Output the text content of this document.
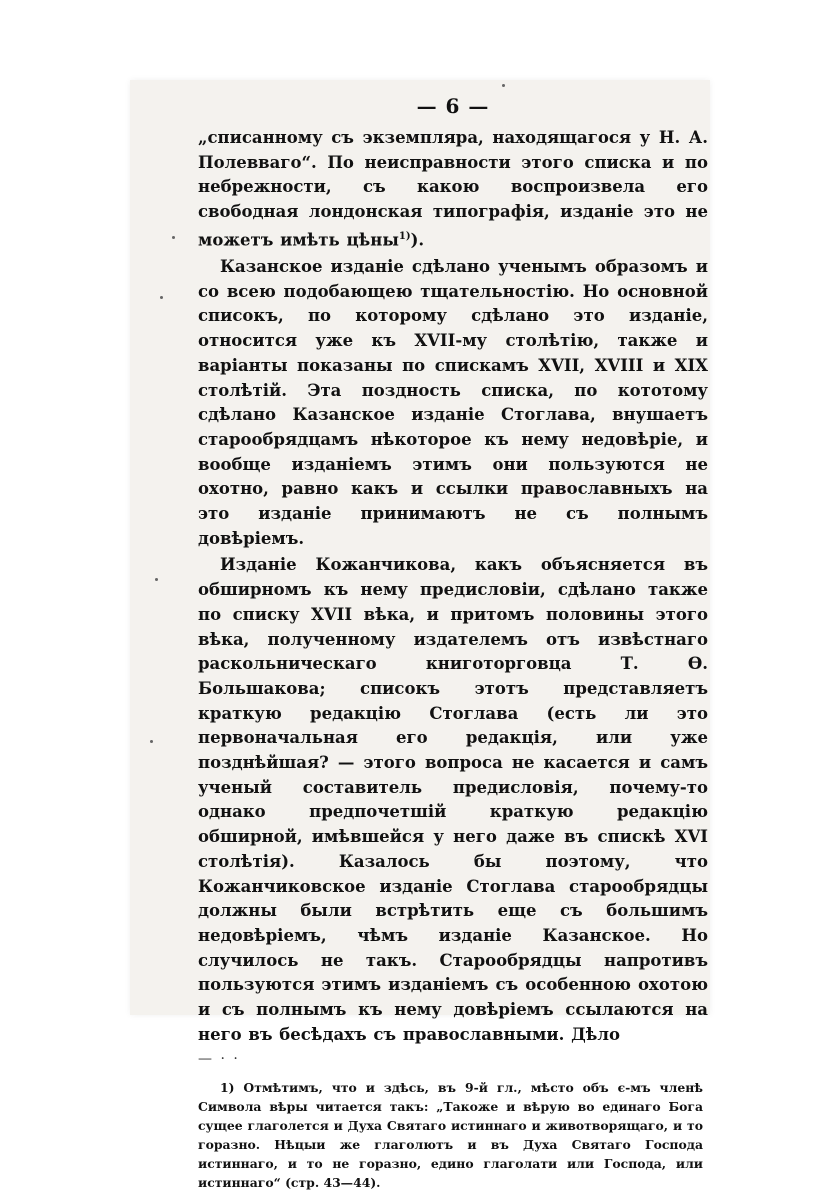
— 6 —

„списанному съ экземпляра, находящагося у Н. А. Полевваго“. По неисправности этого списка и по небрежности, съ какою воспроизвела его свободная лондонская типографія, изданіе это не можетъ имѣть цѣны$^{1)}$).

Казанское изданіе сдѣлано ученымъ образомъ и со всею подобающею тщательностію. Но основной списокъ, по которому сдѣлано это изданіе, относится уже къ XVII-му столѣтію, также и варіанты показаны по спискамъ XVII, XVIII и XIX столѣтій. Эта поздность списка, по кототому сдѣлано Казанское изданіе Стоглава, внушаетъ старообрядцамъ нѣкоторое къ нему недовѣріе, и вообще изданіемъ этимъ они пользуются не охотно, равно какъ и ссылки православныхъ на это изданіе принимаютъ не съ полнымъ довѣріемъ.

Изданіе Кожанчикова, какъ объясняется въ обширномъ къ нему предисловіи, сдѣлано также по списку XVII вѣка, и притомъ половины этого вѣка, полученному издателемъ отъ извѣстнаго раскольническаго книготорговца Т. Ѳ. Большакова; списокъ этотъ представляетъ краткую редакцію Стоглава (есть ли это первоначальная его редакція, или уже позднѣйшая? — этого вопроса не касается и самъ ученый составитель предисловія, почему-то однако предпочетшій краткую редакцію обширной, имѣвшейся у него даже въ спискѣ XVI столѣтія). Казалось бы поэтому, что Кожанчиковское изданіе Стоглава старообрядцы должны были встрѣтить еще съ большимъ недовѣріемъ, чѣмъ изданіе Казанское. Но случилось не такъ. Старообрядцы напротивъ пользуются этимъ изданіемъ съ особенною охотою и съ полнымъ къ нему довѣріемъ ссылаются на него въ бесѣдахъ съ православными. Дѣло

— · ·
1) Отмѣтимъ, что и здѣсь, въ 9-й гл., мѣсто объ є-мъ членѣ Символа вѣры читается такъ: „Такоже и вѣрую во единаго Бога сущее глаголется и Духа Святаго истиннаго и животворящаго, и то горазно. Нѣцыи же глаголютъ и въ Духа Святаго Господа истиннаго, и то не горазно, едино глаголати или Господа, или истиннаго“ (стр. 43—44).
